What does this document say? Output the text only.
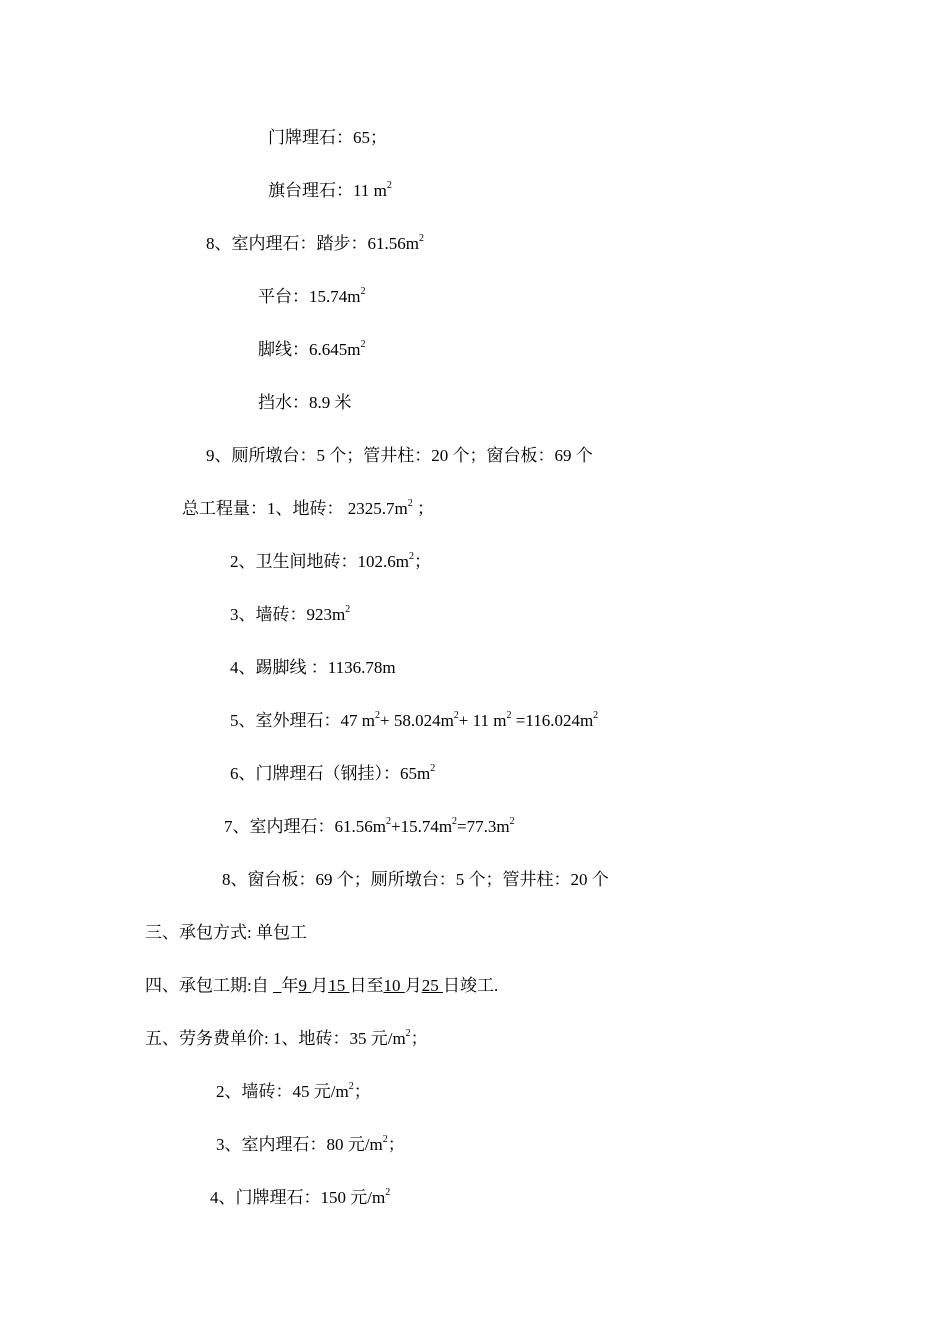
门牌理石：65；
旗台理石：11 $m^2$
8、室内理石：踏步：$61.56m^2$
平台：$15.74m^2$
脚线：$6.645m^2$
挡水：8.9 米
9、厕所墩台：5 个；管井柱：20 个；窗台板：69 个
总工程量：1、地砖： $2325.7m^2$ ；
2、卫生间地砖：$102.6m^2$；
3、墙砖：$923m^2$
4、踢脚线 ：1136.78m
5、室外理石：47 $m^2+ 58.024m^2+ 11$ $m^2 =116.024m^2$
6、门牌理石（钢挂）：$65m^2$
7、室内理石：$61.56m^2+15.74m^2=77.3m^2$
8、窗台板：69 个；厕所墩台：5 个；管井柱：20 个
三、承包方式: 单包工
四、承包工期:自   年9 月15 日至10 月25 日竣工.
五、劳务费单价: 1、地砖：35 元$/m^2$；
2、墙砖：45 元$/m^2$；
3、室内理石：80 元$/m^2$；
4、门牌理石：150 元$/m^2$
